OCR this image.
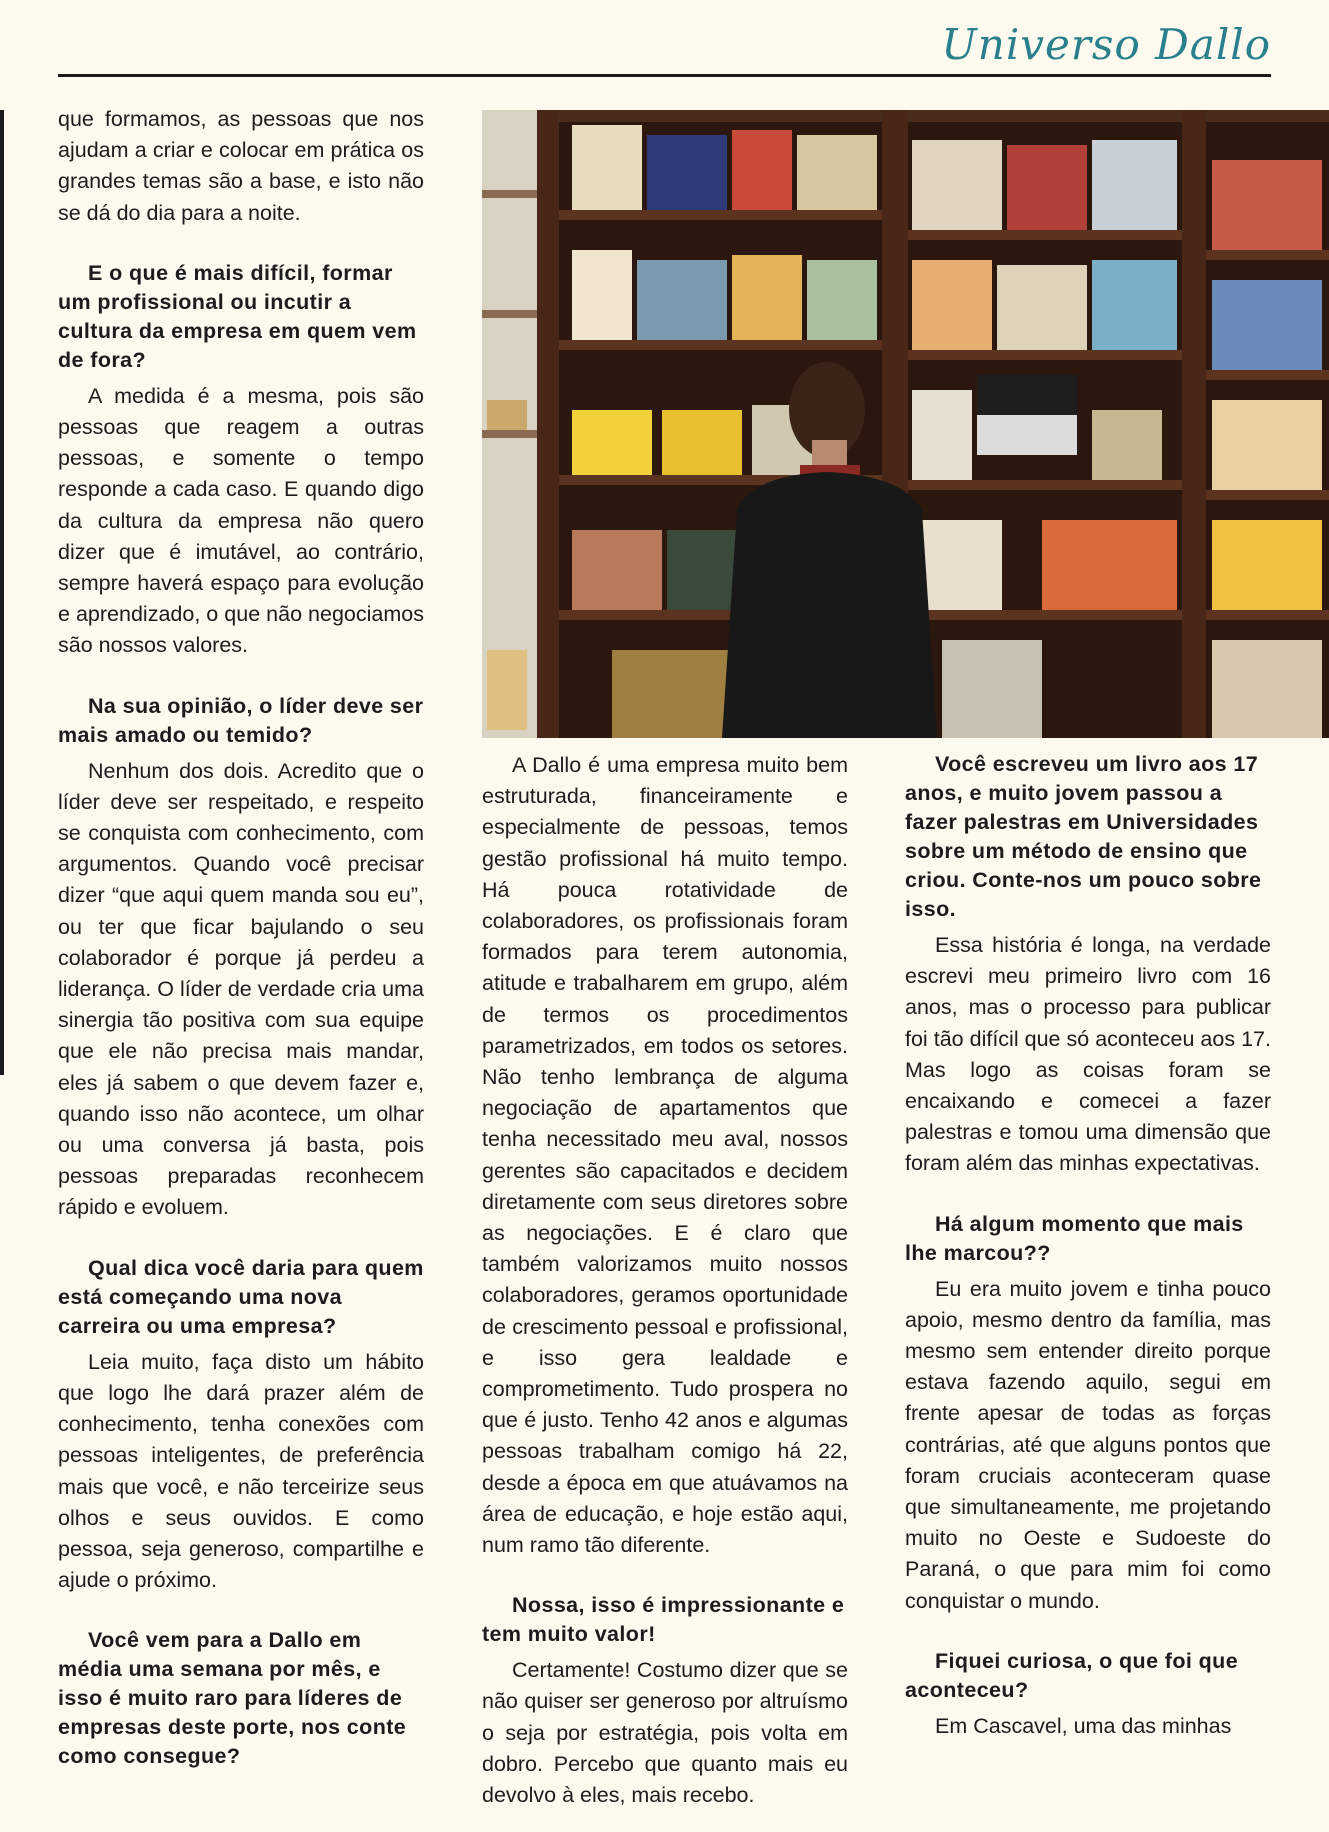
Universo Dallo

que formamos, as pessoas que nos ajudam a criar e colocar em prática os grandes temas são a base, e isto não se dá do dia para a noite.

E o que é mais difícil, formar um profissional ou incutir a cultura da empresa em quem vem de fora?

A medida é a mesma, pois são pessoas que reagem a outras pessoas, e somente o tempo responde a cada caso. E quando digo da cultura da empresa não quero dizer que é imutável, ao contrário, sempre haverá espaço para evolução e aprendizado, o que não negociamos são nossos valores.

Na sua opinião, o líder deve ser mais amado ou temido?

Nenhum dos dois. Acredito que o líder deve ser respeitado, e respeito se conquista com conhecimento, com argumentos. Quando você precisar dizer “que aqui quem manda sou eu”, ou ter que ficar bajulando o seu colaborador é porque já perdeu a liderança. O líder de verdade cria uma sinergia tão positiva com sua equipe que ele não precisa mais mandar, eles já sabem o que devem fazer e, quando isso não acontece, um olhar ou uma conversa já basta, pois pessoas preparadas reconhecem rápido e evoluem.

Qual dica você daria para quem está começando uma nova carreira ou uma empresa?

Leia muito, faça disto um hábito que logo lhe dará prazer além de conhecimento, tenha conexões com pessoas inteligentes, de preferência mais que você, e não terceirize seus olhos e seus ouvidos. E como pessoa, seja generoso, compartilhe e ajude o próximo.

Você vem para a Dallo em média uma semana por mês, e isso é muito raro para líderes de empresas deste porte, nos conte como consegue?

A Dallo é uma empresa muito bem estruturada, financeiramente e especialmente de pessoas, temos gestão profissional há muito tempo. Há pouca rotatividade de colaboradores, os profissionais foram formados para terem autonomia, atitude e trabalharem em grupo, além de termos os procedimentos parametrizados, em todos os setores. Não tenho lembrança de alguma negociação de apartamentos que tenha necessitado meu aval, nossos gerentes são capacitados e decidem diretamente com seus diretores sobre as negociações. E é claro que também valorizamos muito nossos colaboradores, geramos oportunidade de crescimento pessoal e profissional, e isso gera lealdade e comprometimento. Tudo prospera no que é justo. Tenho 42 anos e algumas pessoas trabalham comigo há 22, desde a época em que atuávamos na área de educação, e hoje estão aqui, num ramo tão diferente.

Nossa, isso é impressionante e tem muito valor!

Certamente! Costumo dizer que se não quiser ser generoso por altruísmo o seja por estratégia, pois volta em dobro. Percebo que quanto mais eu devolvo à eles, mais recebo.

Você escreveu um livro aos 17 anos, e muito jovem passou a fazer palestras em Universidades sobre um método de ensino que criou. Conte-nos um pouco sobre isso.

Essa história é longa, na verdade escrevi meu primeiro livro com 16 anos, mas o processo para publicar foi tão difícil que só aconteceu aos 17. Mas logo as coisas foram se encaixando e comecei a fazer palestras e tomou uma dimensão que foram além das minhas expectativas.

Há algum momento que mais lhe marcou??

Eu era muito jovem e tinha pouco apoio, mesmo dentro da família, mas mesmo sem entender direito porque estava fazendo aquilo, segui em frente apesar de todas as forças contrárias, até que alguns pontos que foram cruciais aconteceram quase que simultaneamente, me projetando muito no Oeste e Sudoeste do Paraná, o que para mim foi como conquistar o mundo.

Fiquei curiosa, o que foi que aconteceu?

Em Cascavel, uma das minhas
